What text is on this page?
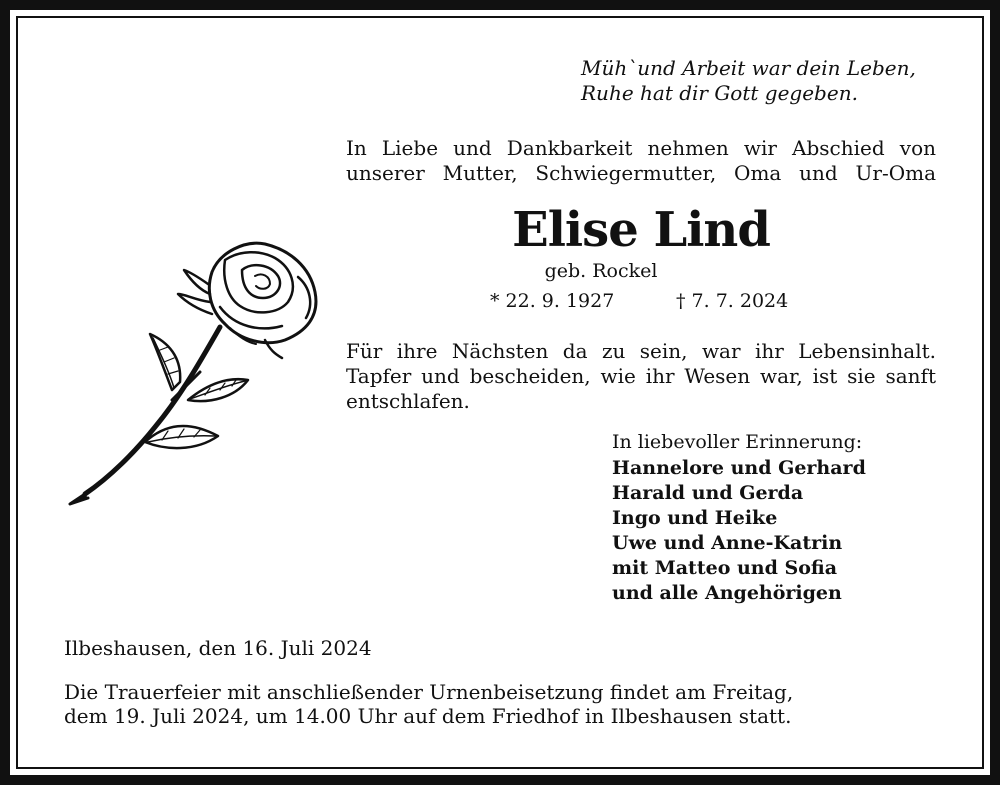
Müh`und Arbeit war dein Leben,
Ruhe hat dir Gott gegeben.
In Liebe und Dankbarkeit nehmen wir Abschied von
unserer Mutter, Schwiegermutter, Oma und Ur-Oma
Elise Lind
geb. Rockel
* 22. 9. 1927	† 7. 7. 2024
Für ihre Nächsten da zu sein, war ihr Lebensinhalt.
Tapfer und bescheiden, wie ihr Wesen war, ist sie sanft
entschlafen.
In liebevoller Erinnerung:
Hannelore und Gerhard
Harald und Gerda
Ingo und Heike
Uwe und Anne-Katrin
mit Matteo und Sofia
und alle Angehörigen
Ilbeshausen, den 16. Juli 2024
Die Trauerfeier mit anschließender Urnenbeisetzung findet am Freitag,
dem 19. Juli 2024, um 14.00 Uhr auf dem Friedhof in Ilbeshausen statt.
